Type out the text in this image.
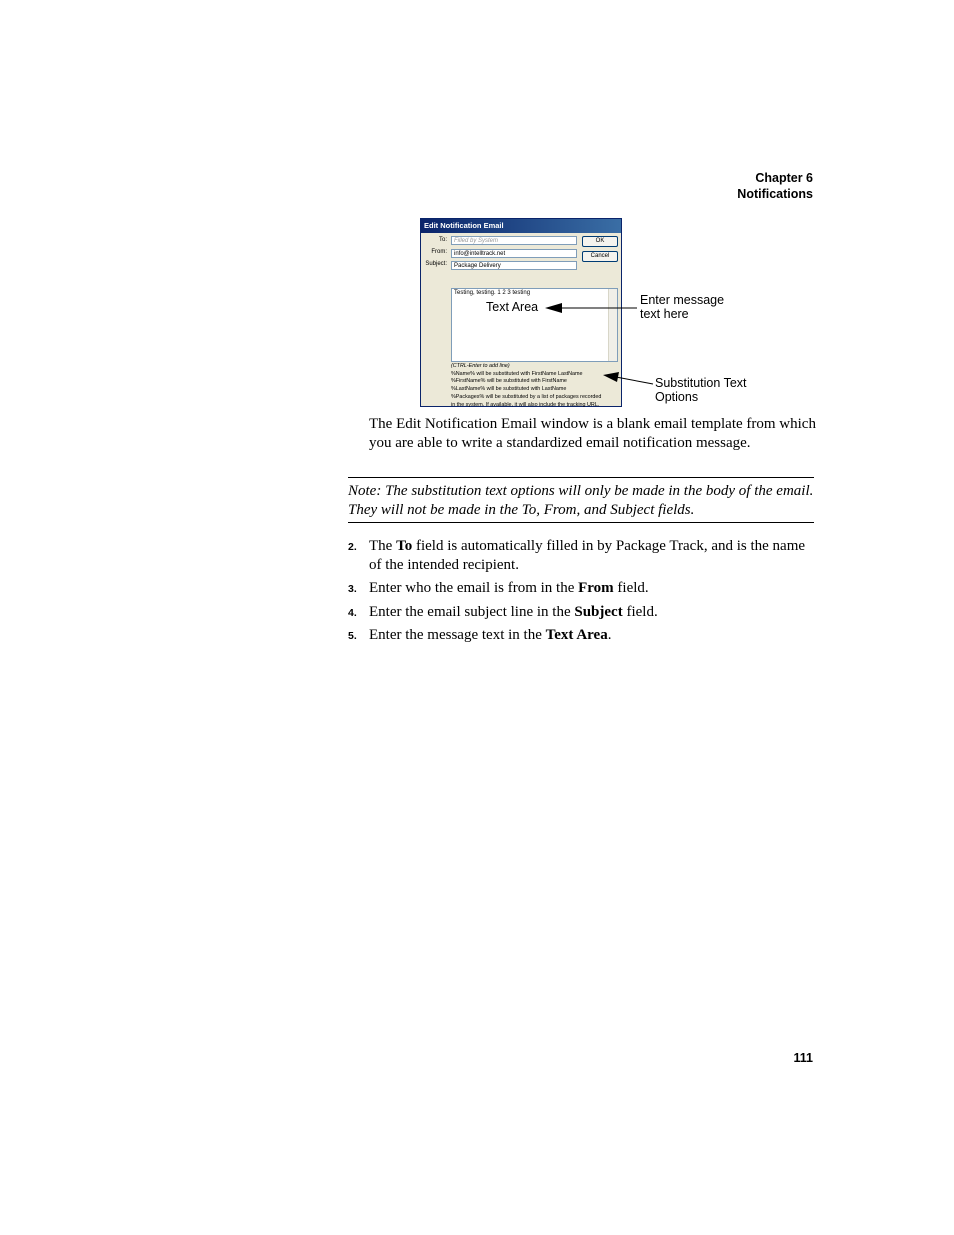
Chapter 6
Notifications
Edit Notification Email
To:	Filled by System
From:	info@intelltrack.net
Subject:	Package Delivery
OK
Cancel
Testing, testing. 1 2 3 testing
(CTRL-Enter to add line)
%Name% will be substituted with FirstName LastName
%FirstName% will be substituted with FirstName
%LastName% will be substituted with LastName
%Packages% will be substituted by a list of packages recorded
in the system. If available, it will also include the tracking URL.
Text Area	Enter message
text here
Substitution Text
Options
The Edit Notification Email window is a blank email template from which you are able to write a standardized email notification message.
Note: The substitution text options will only be made in the body of the email. They will not be made in the To, From, and Subject fields.
2. The To field is automatically filled in by Package Track, and is the name of the intended recipient.
3. Enter who the email is from in the From field.
4. Enter the email subject line in the Subject field.
5. Enter the message text in the Text Area.
111
